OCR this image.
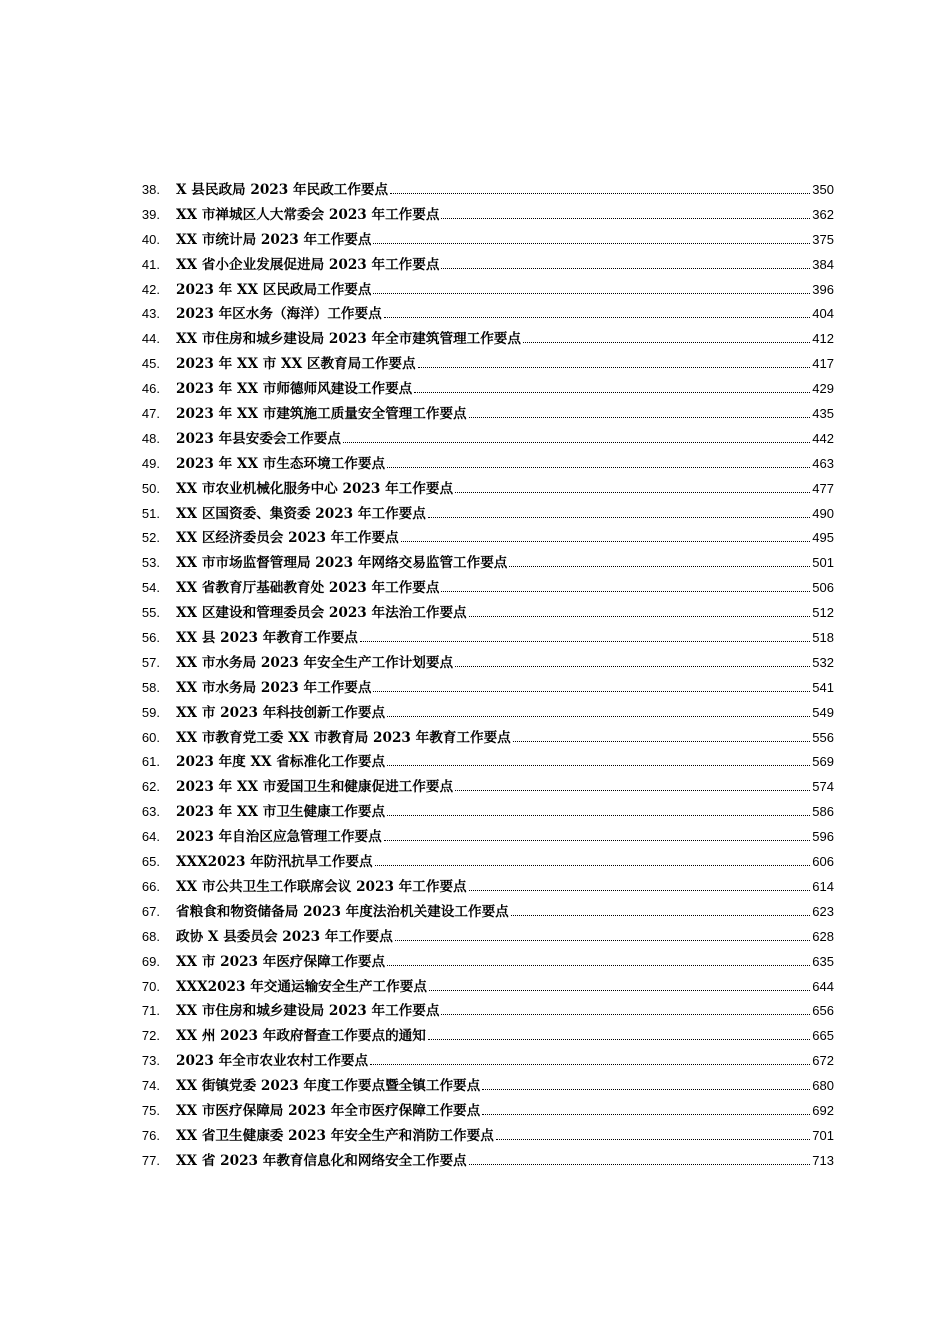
38. X 县民政局 2023 年民政工作要点	350
39. XX 市禅城区人大常委会 2023 年工作要点	362
40. XX 市统计局 2023 年工作要点	375
41. XX 省小企业发展促进局 2023 年工作要点	384
42. 2023 年 XX 区民政局工作要点	396
43. 2023 年区水务（海洋）工作要点	404
44. XX 市住房和城乡建设局 2023 年全市建筑管理工作要点	412
45. 2023 年 XX 市 XX 区教育局工作要点	417
46. 2023 年 XX 市师德师风建设工作要点	429
47. 2023 年 XX 市建筑施工质量安全管理工作要点	435
48. 2023 年县安委会工作要点	442
49. 2023 年 XX 市生态环境工作要点	463
50. XX 市农业机械化服务中心 2023 年工作要点	477
51. XX 区国资委、集资委 2023 年工作要点	490
52. XX 区经济委员会 2023 年工作要点	495
53. XX 市市场监督管理局 2023 年网络交易监管工作要点	501
54. XX 省教育厅基础教育处 2023 年工作要点	506
55. XX 区建设和管理委员会 2023 年法治工作要点	512
56. XX 县 2023 年教育工作要点	518
57. XX 市水务局 2023 年安全生产工作计划要点	532
58. XX 市水务局 2023 年工作要点	541
59. XX 市 2023 年科技创新工作要点	549
60. XX 市教育党工委 XX 市教育局 2023 年教育工作要点	556
61. 2023 年度 XX 省标准化工作要点	569
62. 2023 年 XX 市爱国卫生和健康促进工作要点	574
63. 2023 年 XX 市卫生健康工作要点	586
64. 2023 年自治区应急管理工作要点	596
65. XXX2023 年防汛抗旱工作要点	606
66. XX 市公共卫生工作联席会议 2023 年工作要点	614
67. 省粮食和物资储备局 2023 年度法治机关建设工作要点	623
68. 政协 X 县委员会 2023 年工作要点	628
69. XX 市 2023 年医疗保障工作要点	635
70. XXX2023 年交通运输安全生产工作要点	644
71. XX 市住房和城乡建设局 2023 年工作要点	656
72. XX 州 2023 年政府督查工作要点的通知	665
73. 2023 年全市农业农村工作要点	672
74. XX 街镇党委 2023 年度工作要点暨全镇工作要点	680
75. XX 市医疗保障局 2023 年全市医疗保障工作要点	692
76. XX 省卫生健康委 2023 年安全生产和消防工作要点	701
77. XX 省 2023 年教育信息化和网络安全工作要点	713
